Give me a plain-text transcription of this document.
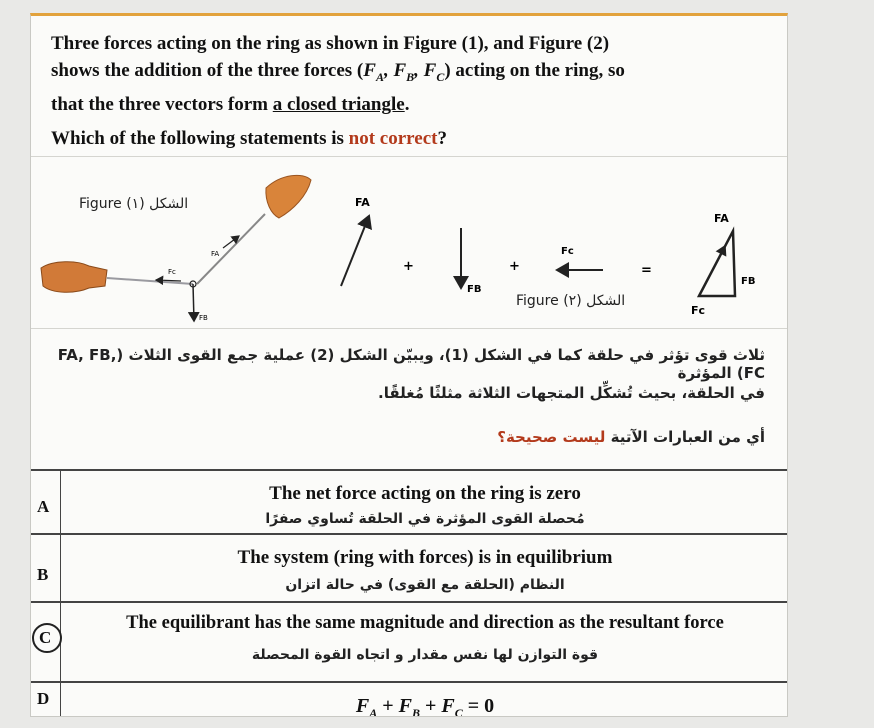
Three forces acting on the ring as shown in Figure (1), and Figure (2)

shows the addition of the three forces ($F_A$, $F_B$, $F_C$) acting on the ring, so

that the three vectors form a closed triangle.

Which of the following statements is not correct?

Figure (١) الشكل
Figure (٢) الشكل
FA
Fc
FB
FA
+
FB
+
Fc
=
FA
FB
Fc
ثلاث قوى تؤثر في حلقة كما في الشكل (1)، ويبيّن الشكل (2) عملية جمع القوى الثلاث (FA, FB, FC) المؤثرة
في الحلقة، بحيث تُشكِّل المتجهات الثلاثة مثلثًا مُغلقًا.
أي من العبارات الآتية ليست صحيحة؟
A
The net force acting on the ring is zero
مُحصلة القوى المؤثرة في الحلقة تُساوي صفرًا
B
The system (ring with forces) is in equilibrium
النظام (الحلقة مع القوى) في حالة اتزان
C
The equilibrant has the same magnitude and direction as the resultant force
قوة التوازن لها نفس مقدار و اتجاه القوة المحصلة
D	$F_A + F_B + F_C = 0$
